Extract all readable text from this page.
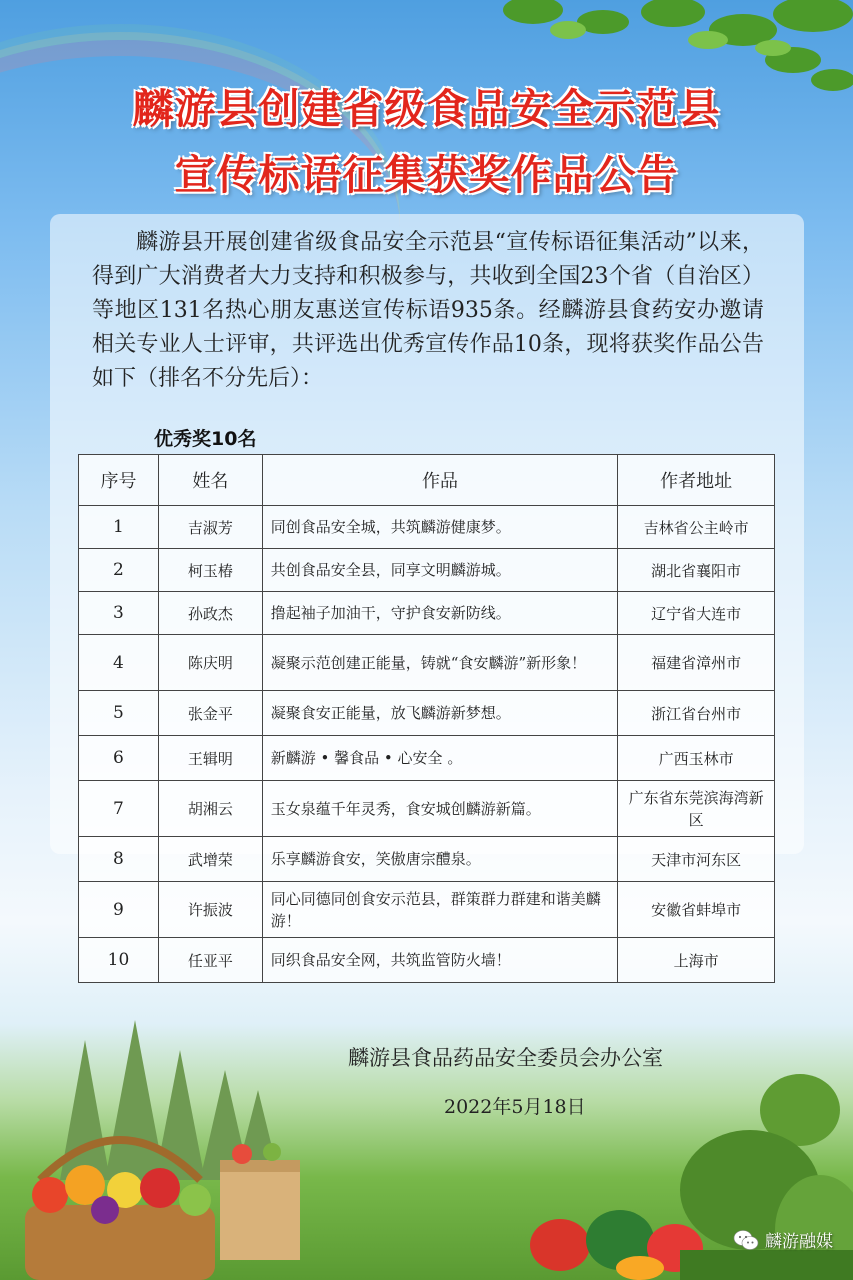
麟游县创建省级食品安全示范县
宣传标语征集获奖作品公告

麟游县开展创建省级食品安全示范县“宣传标语征集活动”以来，得到广大消费者大力支持和积极参与，共收到全国23个省（自治区）等地区131名热心朋友惠送宣传标语935条。经麟游县食药安办邀请相关专业人士评审，共评选出优秀宣传作品10条，现将获奖作品公告如下（排名不分先后）：

优秀奖10名
序号	姓名	作品	作者地址
1	吉淑芳	同创食品安全城，共筑麟游健康梦。	吉林省公主岭市
2	柯玉椿	共创食品安全县，同享文明麟游城。	湖北省襄阳市
3	孙政杰	撸起袖子加油干，守护食安新防线。	辽宁省大连市
4	陈庆明	凝聚示范创建正能量，铸就“食安麟游”新形象！	福建省漳州市
5	张金平	凝聚食安正能量，放飞麟游新梦想。	浙江省台州市
6	王辑明	新麟游 • 馨食品 • 心安全 。	广西玉林市
7	胡湘云	玉女泉蕴千年灵秀，食安城创麟游新篇。	广东省东莞滨海湾新区
8	武增荣	乐享麟游食安，笑傲唐宗醴泉。	天津市河东区
9	许振波	同心同德同创食安示范县，群策群力群建和谐美麟游！	安徽省蚌埠市
10	任亚平	同织食品安全网，共筑监管防火墙！	上海市
麟游县食品药品安全委员会办公室
2022年5月18日
麟游融媒
